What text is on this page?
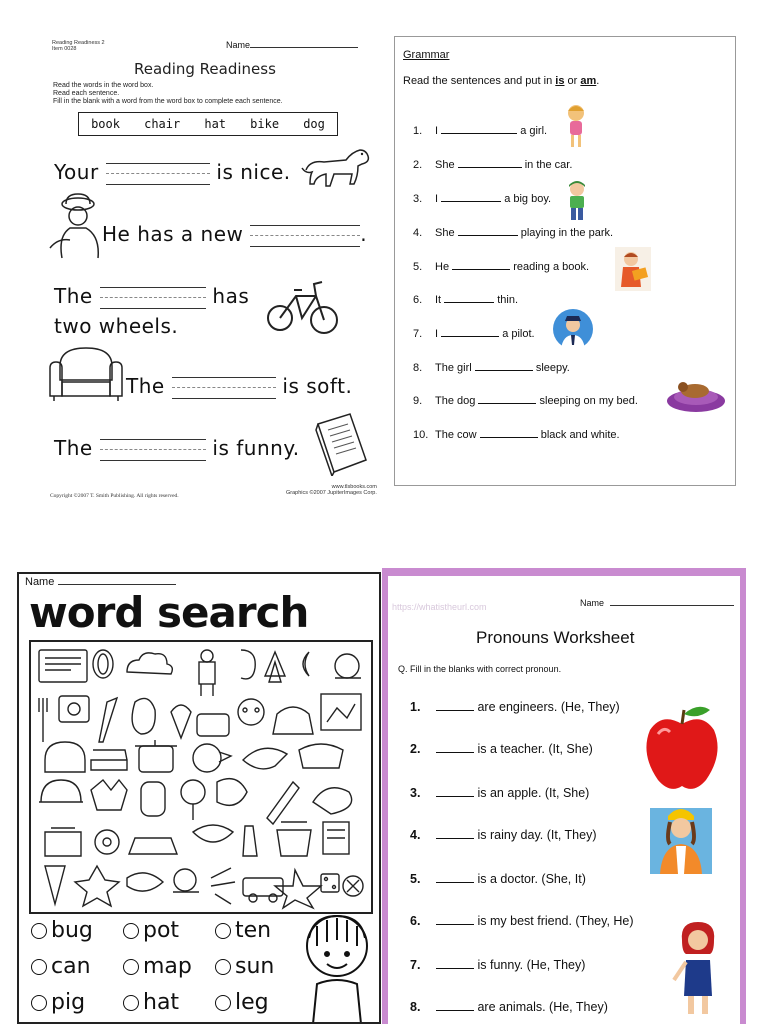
Reading Readiness 2
Item 0028	Name
Reading Readiness
Read the words in the word box.
Read each sentence.
Fill in the blank with a word from the word box to complete each sentence.
book chair hat bike dog
Your	is nice.
He has a new	.
The	has
two wheels.
The	is soft.
The	is funny.
Copyright ©2007 T. Smith Publishing. All rights reserved.
www.tlsbooks.com
Graphics ©2007 JupiterImages Corp.
Grammar
Read the sentences and put in is or am.
1. I	a girl.
2. She	in the car.
3. I	a big boy.
4. She	playing in the park.
5. He	reading a book.
6. It	thin.
7. I	a pilot.
8. The girl	sleepy.
9. The dog	sleeping on my bed.
10. The cow	black and white.
Name
word search
bug	pot	ten
can	map	sun
pig	hat	leg
https://whatistheurl.com	Name
Pronouns Worksheet
Q. Fill in the blanks with correct pronoun.
1.	are engineers. (He, They)
2.	is a teacher. (It, She)
3.	is an apple. (It, She)
4.	is rainy day. (It, They)
5.	is a doctor. (She, It)
6.	is my best friend. (They, He)
7.	is funny. (He, They)
8.	are animals. (He, They)
